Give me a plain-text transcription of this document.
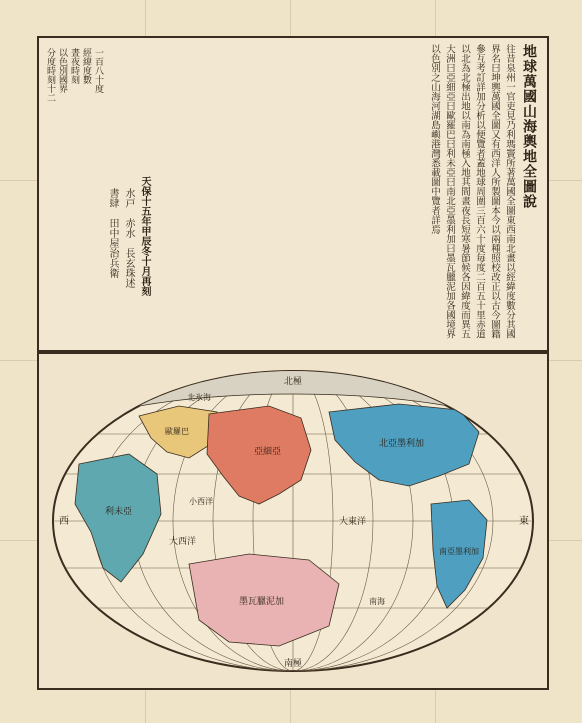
地球萬國山海輿地全圖說
往昔泉州一官吏見乃利瑪竇所著萬國全圖東西南北畫以經緯度數分其國界名曰坤輿萬國全圖又有西洋人所製圖本今以兩種照校改正以古今圖籍參互考訂詳加分析以便覽者蓋地球周圍三百六十度毎度二百五十里赤道以北為北極出地以南為南極入地其間晝夜長短寒暑節候各因緯度而異五大洲曰亞細亞曰歐羅巴曰利未亞曰南北亞墨利加曰墨瓦臘泥加各國境界以色別之山海河湖島嶼港灣悉載圖中覽者詳焉
水戸　赤水　長玄珠述 天保十五年甲辰冬十月再刻
書肆　田中屋治兵衛
一百八十度
經緯度數
晝夜時刻
以色別國界
分度時刻十二
北極
北氷海
西	東
亞細亞
歐羅巴
利未亞
北亞墨利加
南亞墨利加
墨瓦臘泥加
大東洋
大西洋
小西洋
南海
南極
